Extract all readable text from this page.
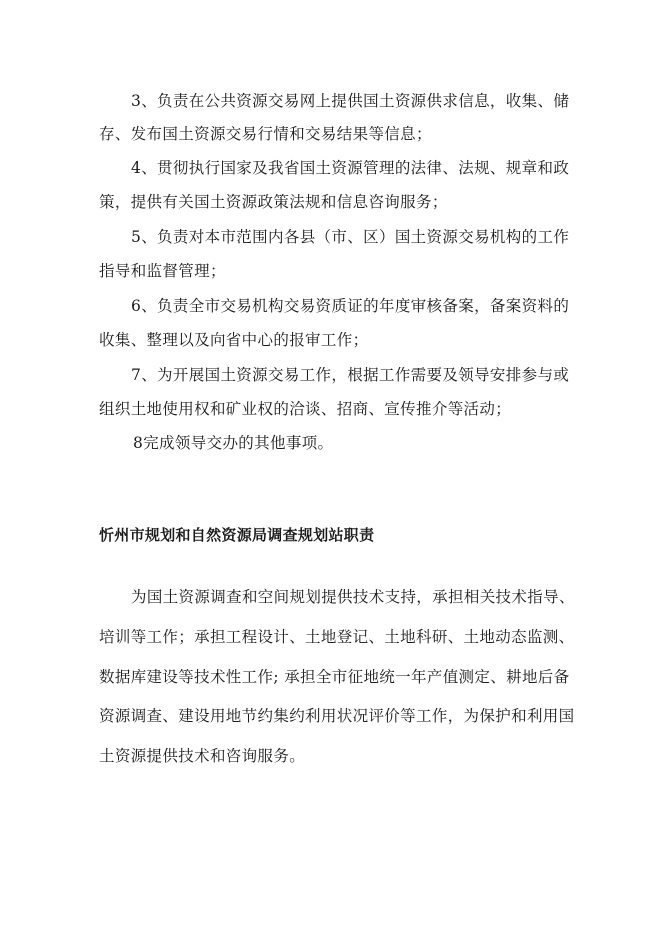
3、负责在公共资源交易网上提供国土资源供求信息，收集、储
存、发布国土资源交易行情和交易结果等信息；
4、贯彻执行国家及我省国土资源管理的法律、法规、规章和政
策，提供有关国土资源政策法规和信息咨询服务；
5、负责对本市范围内各县（市、区）国土资源交易机构的工作
指导和监督管理；
6、负责全市交易机构交易资质证的年度审核备案，备案资料的
收集、整理以及向省中心的报审工作；
7、为开展国土资源交易工作，根据工作需要及领导安排参与或
组织土地使用权和矿业权的洽谈、招商、宣传推介等活动；
8完成领导交办的其他事项。
忻州市规划和自然资源局调查规划站职责
为国土资源调查和空间规划提供技术支持，承担相关技术指导、
培训等工作；承担工程设计、土地登记、土地科研、土地动态监测、
数据库建设等技术性工作; 承担全市征地统一年产值测定、耕地后备
资源调查、建设用地节约集约利用状况评价等工作，为保护和利用国
土资源提供技术和咨询服务。
